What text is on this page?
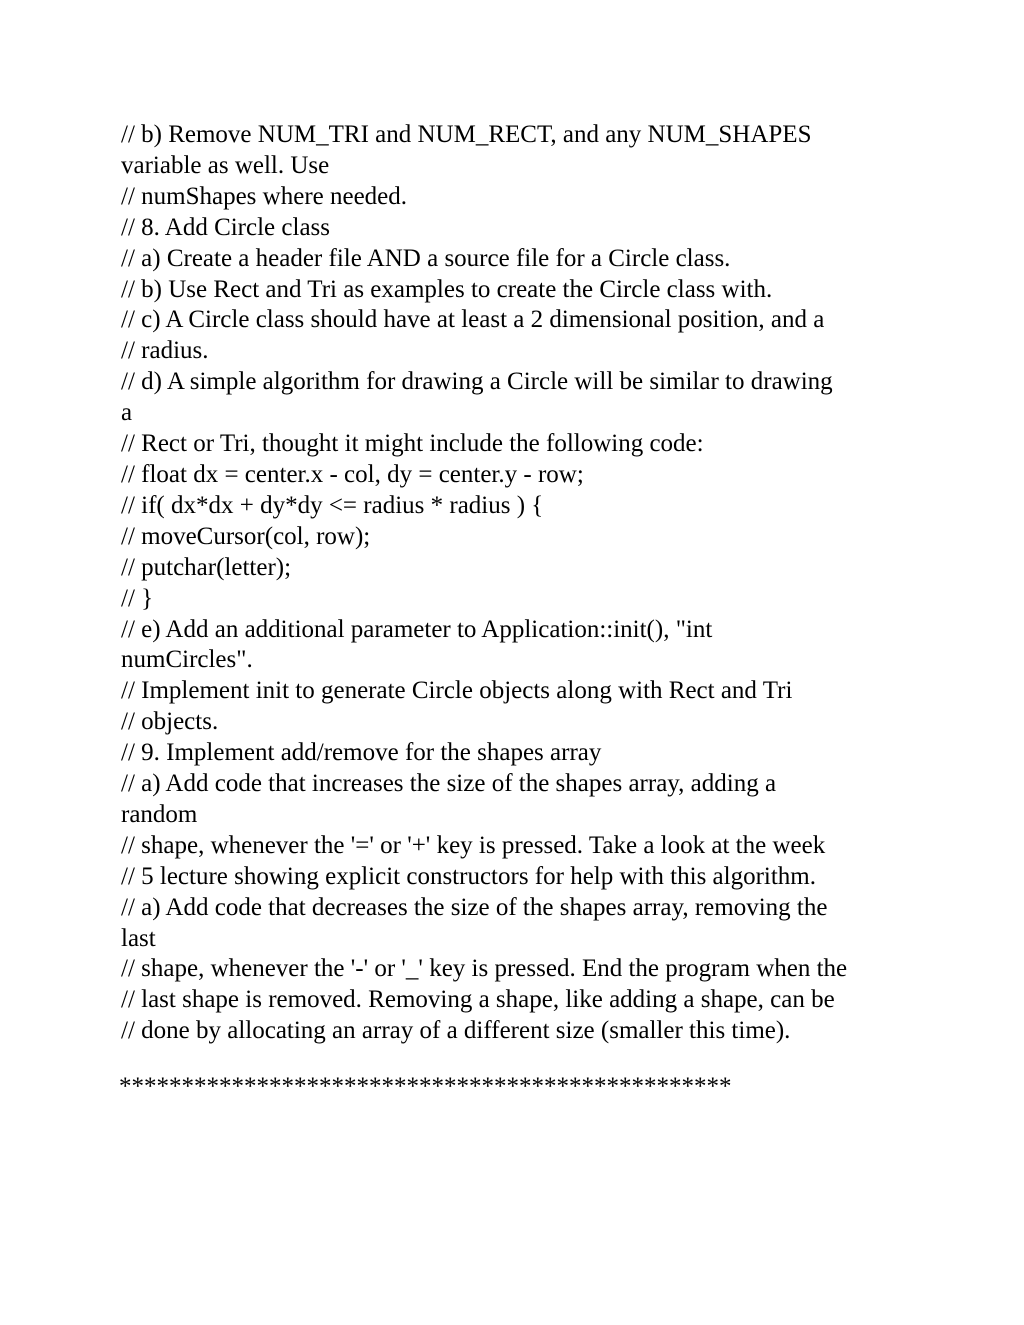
// b) Remove NUM_TRI and NUM_RECT, and any NUM_SHAPES
variable as well. Use
// numShapes where needed.
// 8. Add Circle class
// a) Create a header file AND a source file for a Circle class.
// b) Use Rect and Tri as examples to create the Circle class with.
// c) A Circle class should have at least a 2 dimensional position, and a
// radius.
// d) A simple algorithm for drawing a Circle will be similar to drawing
a
// Rect or Tri, thought it might include the following code:
// float dx = center.x - col, dy = center.y - row;
// if( dx*dx + dy*dy <= radius * radius ) {
// moveCursor(col, row);
// putchar(letter);
// }
// e) Add an additional parameter to Application::init(), "int
numCircles".
// Implement init to generate Circle objects along with Rect and Tri
// objects.
// 9. Implement add/remove for the shapes array
// a) Add code that increases the size of the shapes array, adding a
random
// shape, whenever the '=' or '+' key is pressed. Take a look at the week
// 5 lecture showing explicit constructors for help with this algorithm.
// a) Add code that decreases the size of the shapes array, removing the
last
// shape, whenever the '-' or '_' key is pressed. End the program when the
// last shape is removed. Removing a shape, like adding a shape, can be
// done by allocating an array of a different size (smaller this time).
*************************************************
